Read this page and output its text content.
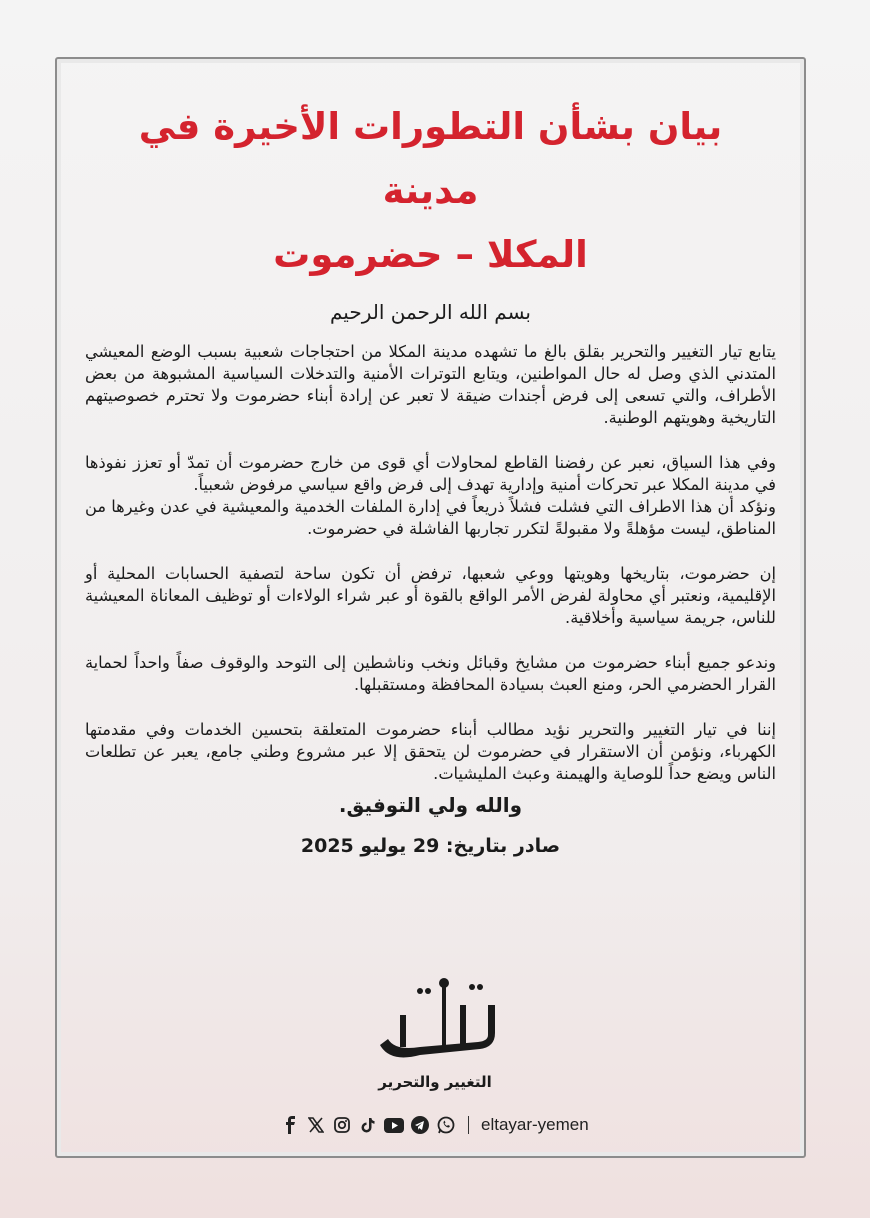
بيان بشأن التطورات الأخيرة في مدينة
المكلا – حضرموت
بسم الله الرحمن الرحيم

يتابع تيار التغيير والتحرير بقلق بالغ ما تشهده مدينة المكلا من احتجاجات شعبية بسبب الوضع المعيشي المتدني الذي وصل له حال المواطنين، ويتابع التوترات الأمنية والتدخلات السياسية المشبوهة من بعض الأطراف، والتي تسعى إلى فرض أجندات ضيقة لا تعبر عن إرادة أبناء حضرموت ولا تحترم خصوصيتهم التاريخية وهويتهم الوطنية.

وفي هذا السياق، نعبر عن رفضنا القاطع لمحاولات أي قوى من خارج حضرموت أن تمدّ أو تعزز نفوذها في مدينة المكلا عبر تحركات أمنية وإدارية تهدف إلى فرض واقع سياسي مرفوض شعبياً.

ونؤكد أن هذا الاطراف التي فشلت فشلاً ذريعاً في إدارة الملفات الخدمية والمعيشية في عدن وغيرها من المناطق، ليست مؤهلةً ولا مقبولةً لتكرر تجاربها الفاشلة في حضرموت.

إن حضرموت، بتاريخها وهويتها ووعي شعبها، ترفض أن تكون ساحة لتصفية الحسابات المحلية أو الإقليمية، ونعتبر أي محاولة لفرض الأمر الواقع بالقوة أو عبر شراء الولاءات أو توظيف المعاناة المعيشية للناس، جريمة سياسية وأخلاقية.

وندعو جميع أبناء حضرموت من مشايخ وقبائل ونخب وناشطين إلى التوحد والوقوف صفاً واحداً لحماية القرار الحضرمي الحر، ومنع العبث بسيادة المحافظة ومستقبلها.

إننا في تيار التغيير والتحرير نؤيد مطالب أبناء حضرموت المتعلقة بتحسين الخدمات وفي مقدمتها الكهرباء، ونؤمن أن الاستقرار في حضرموت لن يتحقق إلا عبر مشروع وطني جامع، يعبر عن تطلعات الناس ويضع حداً للوصاية والهيمنة وعبث المليشيات.

والله ولي التوفيق.
صادر بتاريخ: 29 يوليو 2025
التغيير والتحرير
eltayar-yemen
